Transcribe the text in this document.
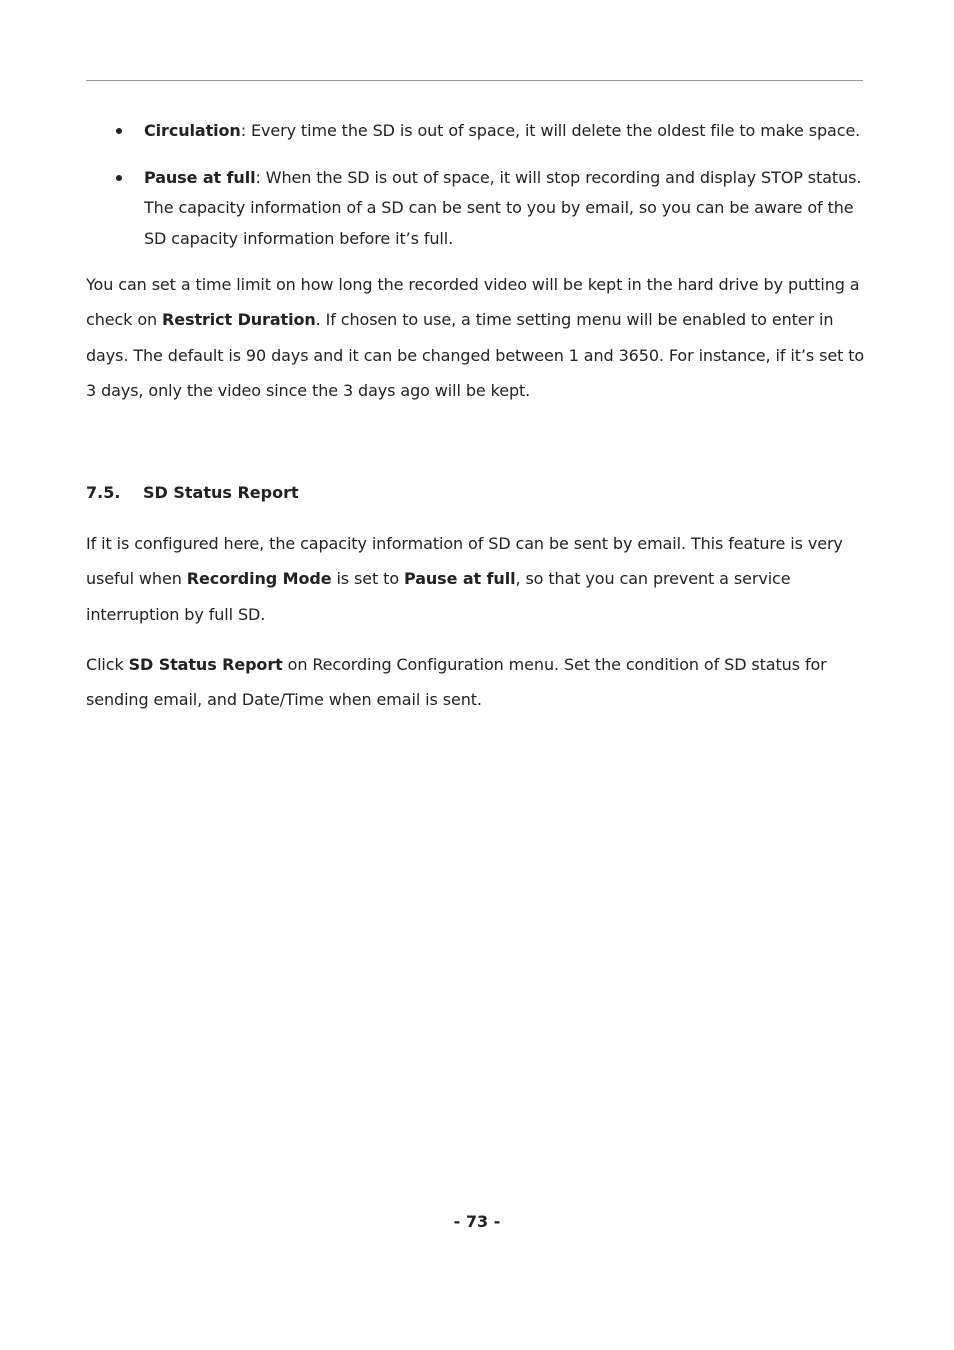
Circulation: Every time the SD is out of space, it will delete the oldest file to make space.
Pause at full: When the SD is out of space, it will stop recording and display STOP status. The capacity information of a SD can be sent to you by email, so you can be aware of the SD capacity information before it’s full.

You can set a time limit on how long the recorded video will be kept in the hard drive by putting a check on Restrict Duration. If chosen to use, a time setting menu will be enabled to enter in days. The default is 90 days and it can be changed between 1 and 3650. For instance, if it’s set to 3 days, only the video since the 3 days ago will be kept.

7.5. SD Status Report

If it is configured here, the capacity information of SD can be sent by email. This feature is very useful when Recording Mode is set to Pause at full, so that you can prevent a service interruption by full SD.

Click SD Status Report on Recording Configuration menu. Set the condition of SD status for sending email, and Date/Time when email is sent.

- 73 -
